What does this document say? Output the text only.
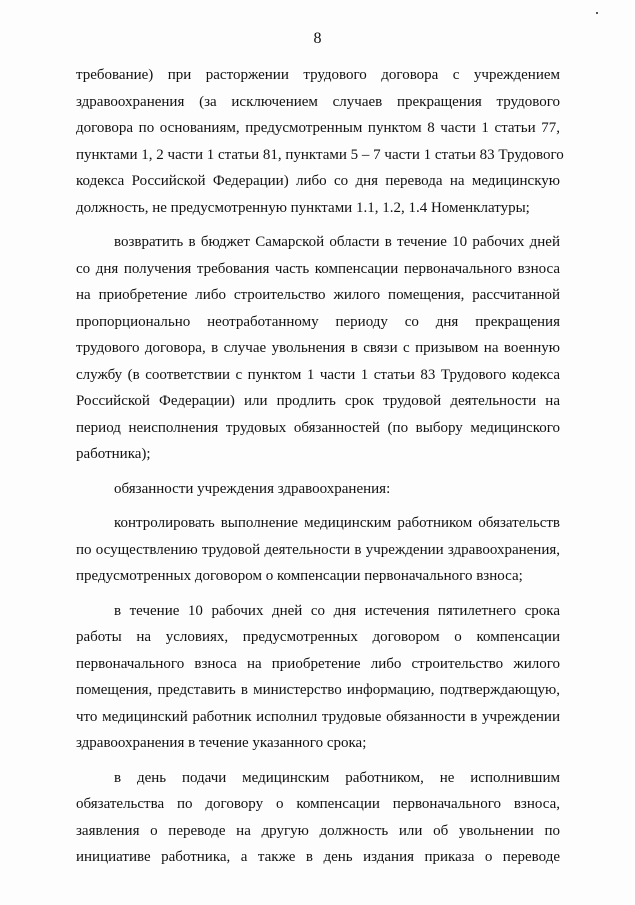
8
требование) при расторжении трудового договора с учреждением
здравоохранения (за исключением случаев прекращения трудового
договора по основаниям, предусмотренным пунктом 8 части 1 статьи 77,
пунктами 1, 2 части 1 статьи 81, пунктами 5 – 7 части 1 статьи 83 Трудового
кодекса Российской Федерации) либо со дня перевода на медицинскую
должность, не предусмотренную пунктами 1.1, 1.2, 1.4 Номенклатуры;
возвратить в бюджет Самарской области в течение 10 рабочих дней
со дня получения требования часть компенсации первоначального взноса
на приобретение либо строительство жилого помещения, рассчитанной
пропорционально неотработанному периоду со дня прекращения
трудового договора, в случае увольнения в связи с призывом на военную
службу (в соответствии с пунктом 1 части 1 статьи 83 Трудового кодекса
Российской Федерации) или продлить срок трудовой деятельности на
период неисполнения трудовых обязанностей (по выбору медицинского
работника);
обязанности учреждения здравоохранения:
контролировать выполнение медицинским работником обязательств
по осуществлению трудовой деятельности в учреждении здравоохранения,
предусмотренных договором о компенсации первоначального взноса;
в течение 10 рабочих дней со дня истечения пятилетнего срока
работы на условиях, предусмотренных договором о компенсации
первоначального взноса на приобретение либо строительство жилого
помещения, представить в министерство информацию, подтверждающую,
что медицинский работник исполнил трудовые обязанности в учреждении
здравоохранения в течение указанного срока;
в день подачи медицинским работником, не исполнившим
обязательства по договору о компенсации первоначального взноса,
заявления о переводе на другую должность или об увольнении по
инициативе работника, а также в день издания приказа о переводе
